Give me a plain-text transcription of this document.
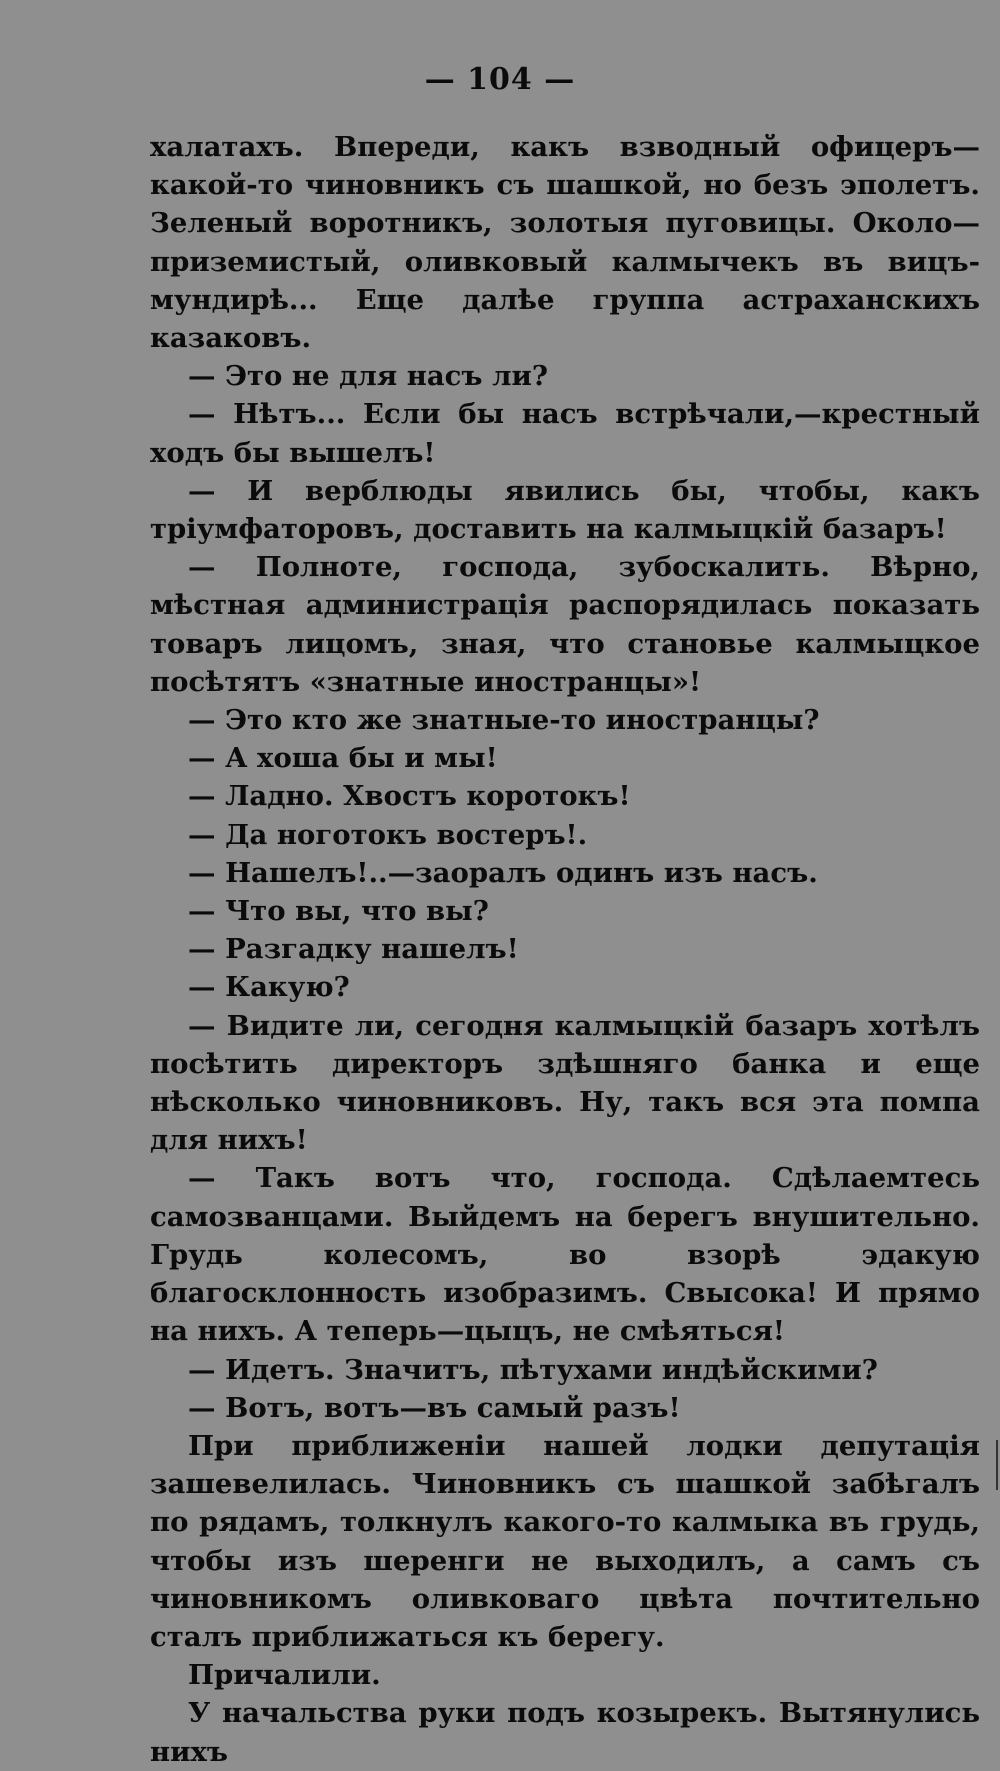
— 104 —

халатахъ. Впереди, какъ взводный офицеръ—какой-то чиновникъ съ шашкой, но безъ эполетъ. Зеленый воротникъ, золотыя пуговицы. Около—приземистый, оливковый калмычекъ въ вицъ-мундирѣ... Еще далѣе группа астраханскихъ казаковъ.

— Это не для насъ ли?

— Нѣтъ... Если бы насъ встрѣчали,—крестный ходъ бы вышелъ!

— И верблюды явились бы, чтобы, какъ тріумфаторовъ, доставить на калмыцкій базаръ!

— Полноте, господа, зубоскалить. Вѣрно, мѣстная администрація распорядилась показать товаръ лицомъ, зная, что становье калмыцкое посѣтятъ «знатные иностранцы»!

— Это кто же знатные-то иностранцы?

— А хоша бы и мы!

— Ладно. Хвостъ коротокъ!

— Да ноготокъ востеръ!.

— Нашелъ!..—заоралъ одинъ изъ насъ.

— Что вы, что вы?

— Разгадку нашелъ!

— Какую?

— Видите ли, сегодня калмыцкій базаръ хотѣлъ посѣтить директоръ здѣшняго банка и еще нѣсколько чиновниковъ. Ну, такъ вся эта помпа для нихъ!

— Такъ вотъ что, господа. Сдѣлаемтесь самозванцами. Выйдемъ на берегъ внушительно. Грудь колесомъ, во взорѣ эдакую благосклонность изобразимъ. Свысока! И прямо на нихъ. А теперь—цыцъ, не смѣяться!

— Идетъ. Значитъ, пѣтухами индѣйскими?

— Вотъ, вотъ—въ самый разъ!

При приближеніи нашей лодки депутація зашевелилась. Чиновникъ съ шашкой забѣгалъ по рядамъ, толкнулъ какого-то калмыка въ грудь, чтобы изъ шеренги не выходилъ, а самъ съ чиновникомъ оливковаго цвѣта почтительно сталъ приближаться къ берегу.

Причалили.

У начальства руки подъ козырекъ. Вытянулись нихъ
